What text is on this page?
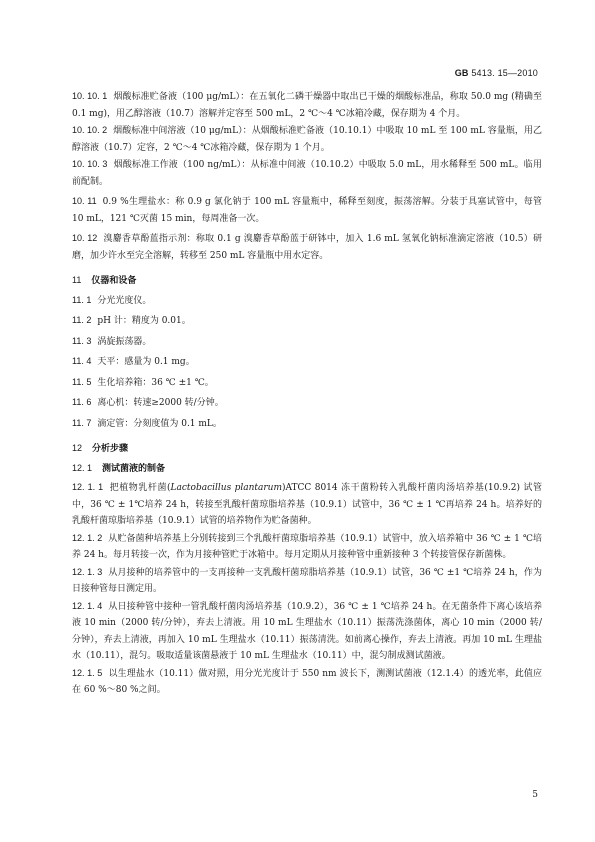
GB 5413. 15—2010

10. 10. 1 烟酸标准贮备液（100 μg/mL）：在五氧化二磷干燥器中取出已干燥的烟酸标准品，称取 50.0 mg (精确至 0.1 mg)，用乙醇溶液（10.7）溶解并定容至 500 mL，2 ℃～4 ℃冰箱冷藏，保存期为 4 个月。

10. 10. 2 烟酸标准中间溶液（10 μg/mL）：从烟酸标准贮备液（10.10.1）中吸取 10 mL 至 100 mL 容量瓶，用乙醇溶液（10.7）定容，2 ℃～4 ℃冰箱冷藏，保存期为 1 个月。

10. 10. 3 烟酸标准工作液（100 ng/mL）：从标准中间液（10.10.2）中吸取 5.0 mL，用水稀释至 500 mL。临用前配制。

10. 11 0.9 %生理盐水：称 0.9 g 氯化钠于 100 mL 容量瓶中，稀释至刻度，振荡溶解。分装于具塞试管中，每管 10 mL，121 ℃灭菌 15 min，每周准备一次。

10. 12 溴麝香草酚蓝指示剂：称取 0.1 g 溴麝香草酚蓝于研钵中，加入 1.6 mL 氢氧化钠标准滴定溶液（10.5）研磨，加少许水至完全溶解，转移至 250 mL 容量瓶中用水定容。

11 仪器和设备

11. 1 分光光度仪。

11. 2 pH 计：精度为 0.01。

11. 3 涡旋振荡器。

11. 4 天平：感量为 0.1 mg。

11. 5 生化培养箱：36 ℃ ±1 ℃。

11. 6 离心机：转速≥2000 转/分钟。

11. 7 滴定管：分刻度值为 0.1 mL。

12 分析步骤

12. 1 测试菌液的制备

12. 1. 1 把植物乳杆菌(Lactobacillus plantarum)ATCC 8014 冻干菌粉转入乳酸杆菌肉汤培养基(10.9.2) 试管中，36 ℃ ± 1℃培养 24 h，转接至乳酸杆菌琼脂培养基（10.9.1）试管中，36 ℃ ± 1 ℃再培养 24 h。培养好的乳酸杆菌琼脂培养基（10.9.1）试管的培养物作为贮备菌种。

12. 1. 2 从贮备菌种培养基上分别转接到三个乳酸杆菌琼脂培养基（10.9.1）试管中，放入培养箱中 36 ℃ ± 1 ℃培养 24 h。每月转接一次，作为月接种管贮于冰箱中。每月定期从月接种管中重新接种 3 个转接管保存新菌株。

12. 1. 3 从月接种的培养管中的一支再接种一支乳酸杆菌琼脂培养基（10.9.1）试管，36 ℃ ±1 ℃培养 24 h，作为日接种管每日测定用。

12. 1. 4 从日接种管中接种一管乳酸杆菌肉汤培养基（10.9.2），36 ℃ ± 1 ℃培养 24 h。在无菌条件下离心该培养液 10 min（2000 转/分钟），弃去上清液。用 10 mL 生理盐水（10.11）振荡洗涤菌体，离心 10 min（2000 转/分钟），弃去上清液，再加入 10 mL 生理盐水（10.11）振荡清洗。如前离心操作，弃去上清液。再加 10 mL 生理盐水（10.11），混匀。吸取适量该菌悬液于 10 mL 生理盐水（10.11）中，混匀制成测试菌液。

12. 1. 5 以生理盐水（10.11）做对照，用分光光度计于 550 nm 波长下，测测试菌液（12.1.4）的透光率，此值应在 60 %～80 %之间。

5
